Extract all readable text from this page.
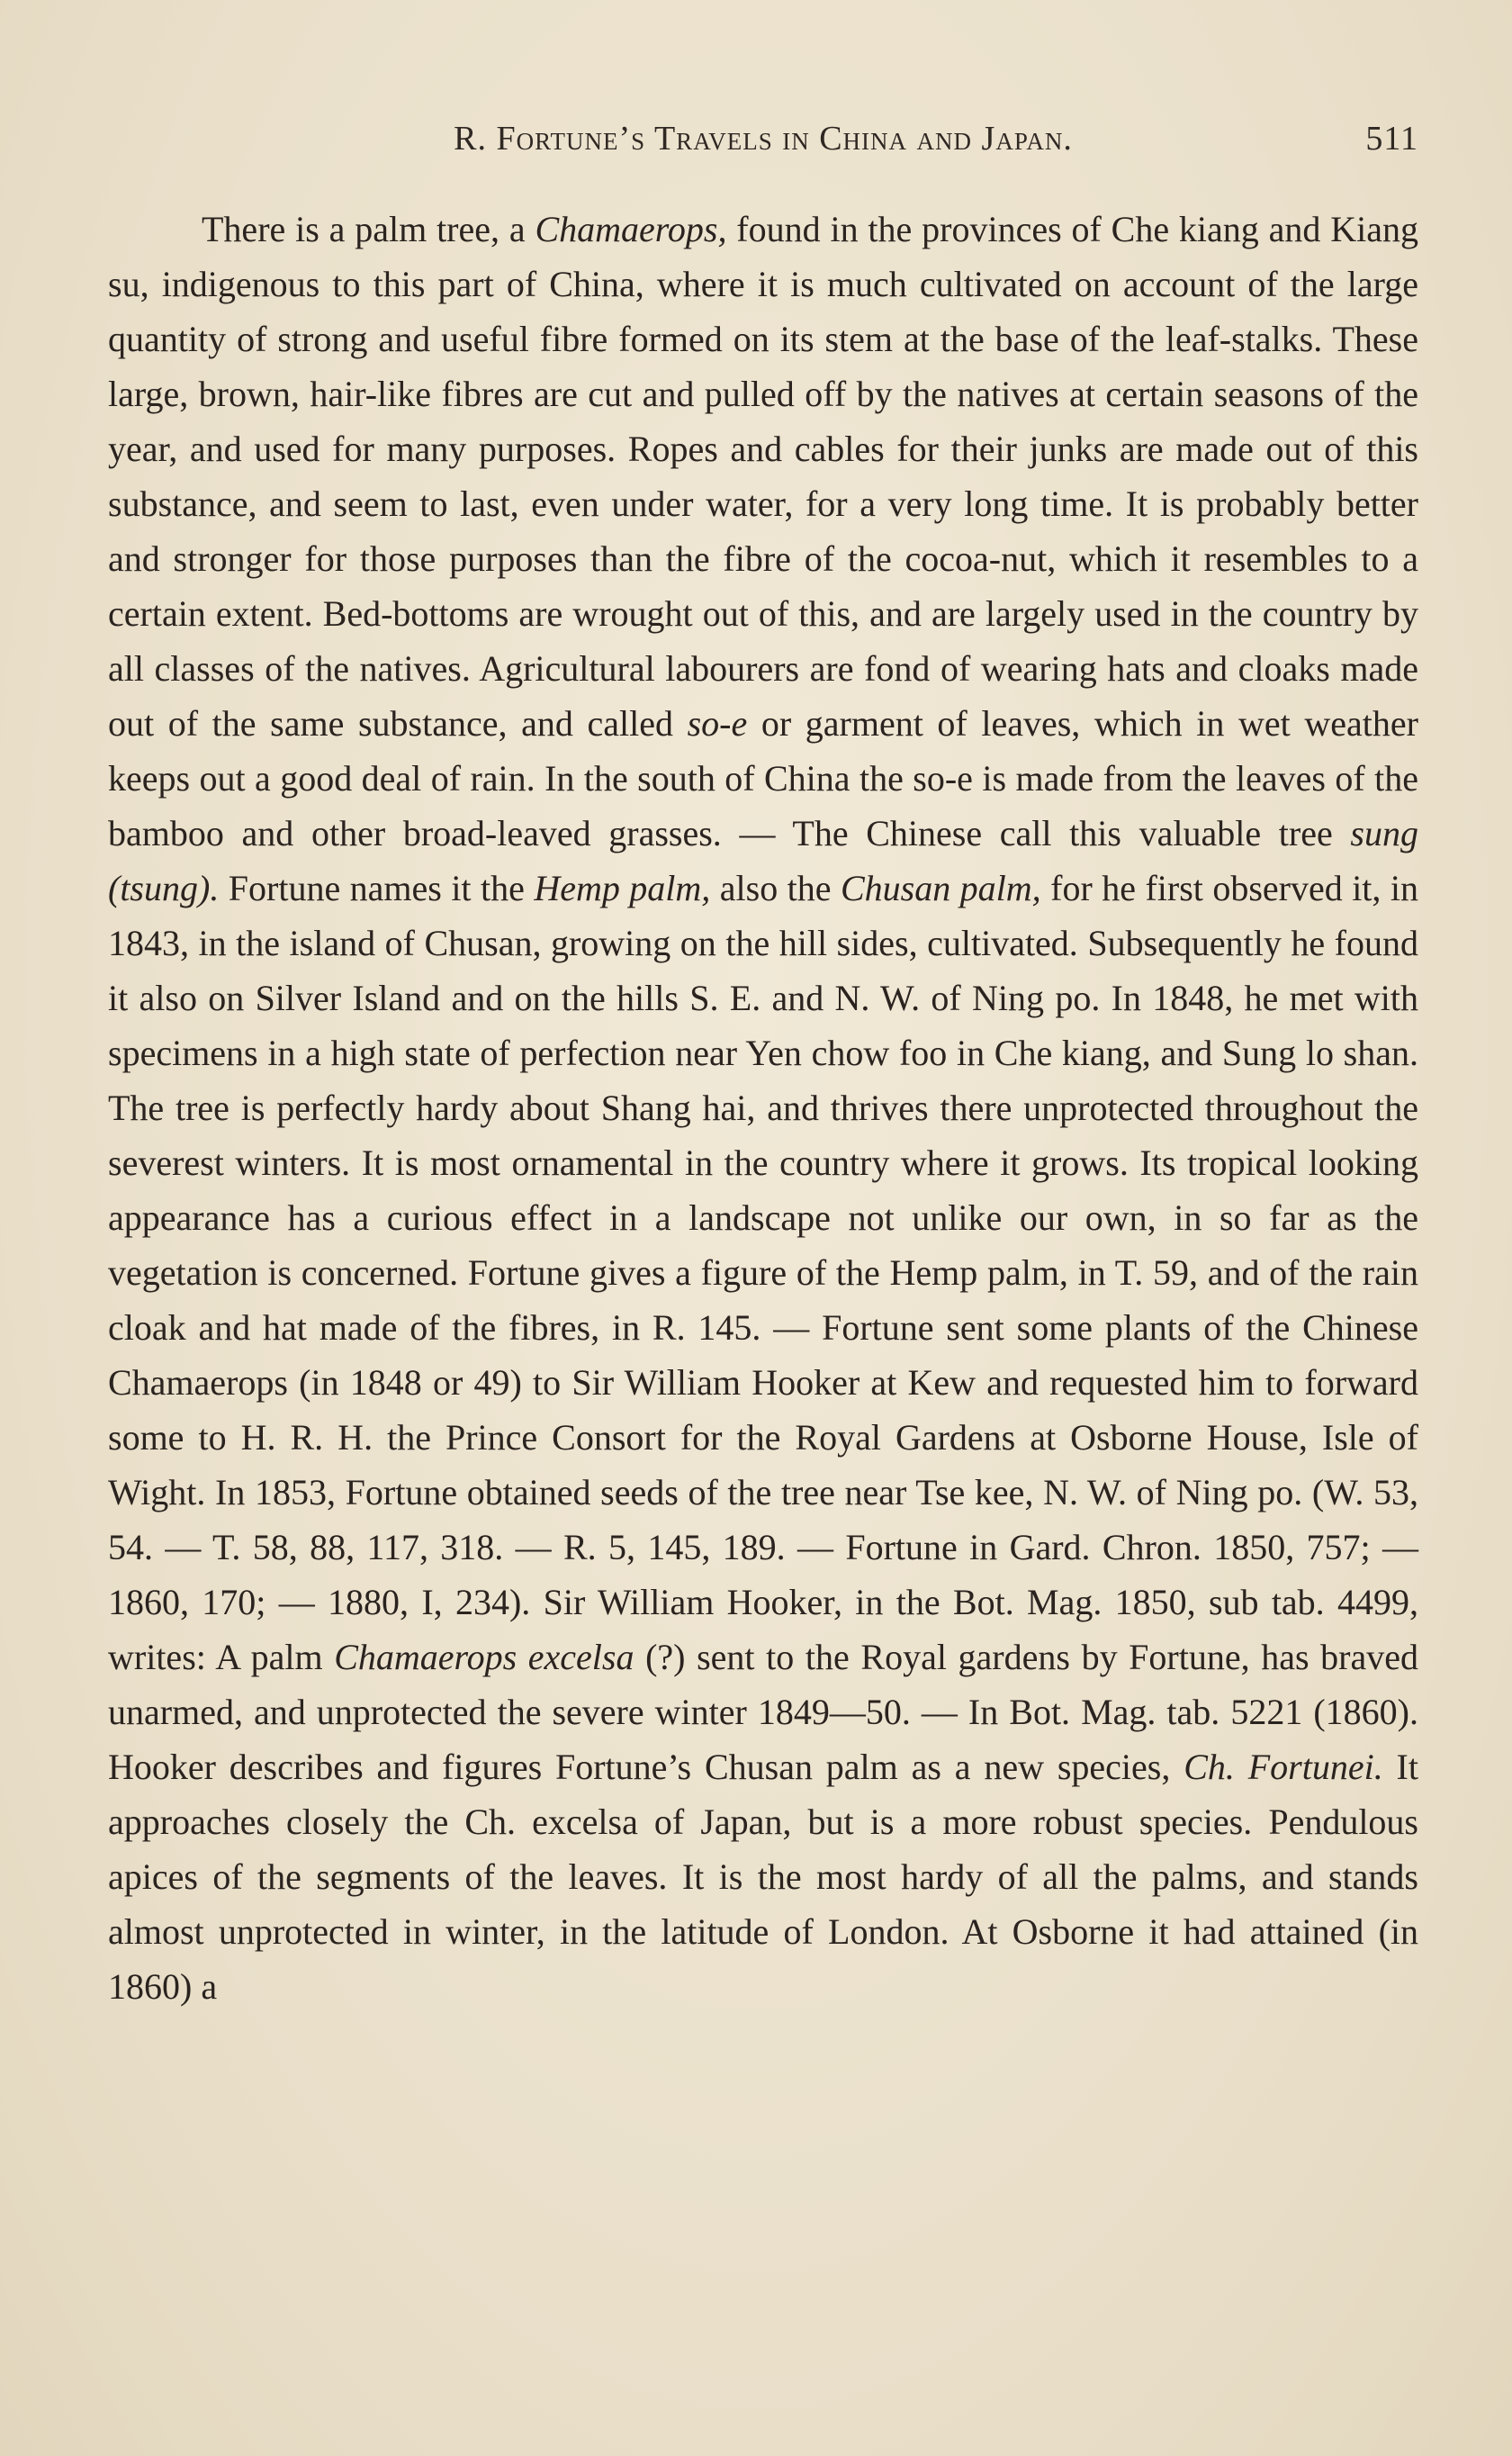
R. Fortune’s Travels in China and Japan.	511

There is a palm tree, a Chamaerops, found in the provinces of Che kiang and Kiang su, indigenous to this part of China, where it is much cultivated on account of the large quantity of strong and useful fibre formed on its stem at the base of the leaf-stalks. These large, brown, hair-like fibres are cut and pulled off by the natives at certain seasons of the year, and used for many purposes. Ropes and cables for their junks are made out of this substance, and seem to last, even under water, for a very long time. It is probably better and stronger for those purposes than the fibre of the cocoa-nut, which it resembles to a certain extent. Bed-bottoms are wrought out of this, and are largely used in the country by all classes of the natives. Agricultural labourers are fond of wearing hats and cloaks made out of the same substance, and called so-e or garment of leaves, which in wet weather keeps out a good deal of rain. In the south of China the so-e is made from the leaves of the bamboo and other broad-leaved grasses. — The Chinese call this valuable tree sung (tsung). Fortune names it the Hemp palm, also the Chusan palm, for he first observed it, in 1843, in the island of Chusan, growing on the hill sides, cultivated. Subsequently he found it also on Silver Island and on the hills S. E. and N. W. of Ning po. In 1848, he met with specimens in a high state of perfection near Yen chow foo in Che kiang, and Sung lo shan. The tree is perfectly hardy about Shang hai, and thrives there unprotected throughout the severest winters. It is most ornamental in the country where it grows. Its tropical looking appearance has a curious effect in a landscape not unlike our own, in so far as the vegetation is concerned. Fortune gives a figure of the Hemp palm, in T. 59, and of the rain cloak and hat made of the fibres, in R. 145. — Fortune sent some plants of the Chinese Chamaerops (in 1848 or 49) to Sir William Hooker at Kew and requested him to forward some to H. R. H. the Prince Consort for the Royal Gardens at Osborne House, Isle of Wight. In 1853, Fortune obtained seeds of the tree near Tse kee, N. W. of Ning po. (W. 53, 54. — T. 58, 88, 117, 318. — R. 5, 145, 189. — Fortune in Gard. Chron. 1850, 757; — 1860, 170; — 1880, I, 234). Sir William Hooker, in the Bot. Mag. 1850, sub tab. 4499, writes: A palm Chamaerops excelsa (?) sent to the Royal gardens by Fortune, has braved unarmed, and unprotected the severe winter 1849—50. — In Bot. Mag. tab. 5221 (1860). Hooker describes and figures Fortune’s Chusan palm as a new species, Ch. Fortunei. It approaches closely the Ch. excelsa of Japan, but is a more robust species. Pendulous apices of the segments of the leaves. It is the most hardy of all the palms, and stands almost unprotected in winter, in the latitude of London. At Osborne it had attained (in 1860) a
